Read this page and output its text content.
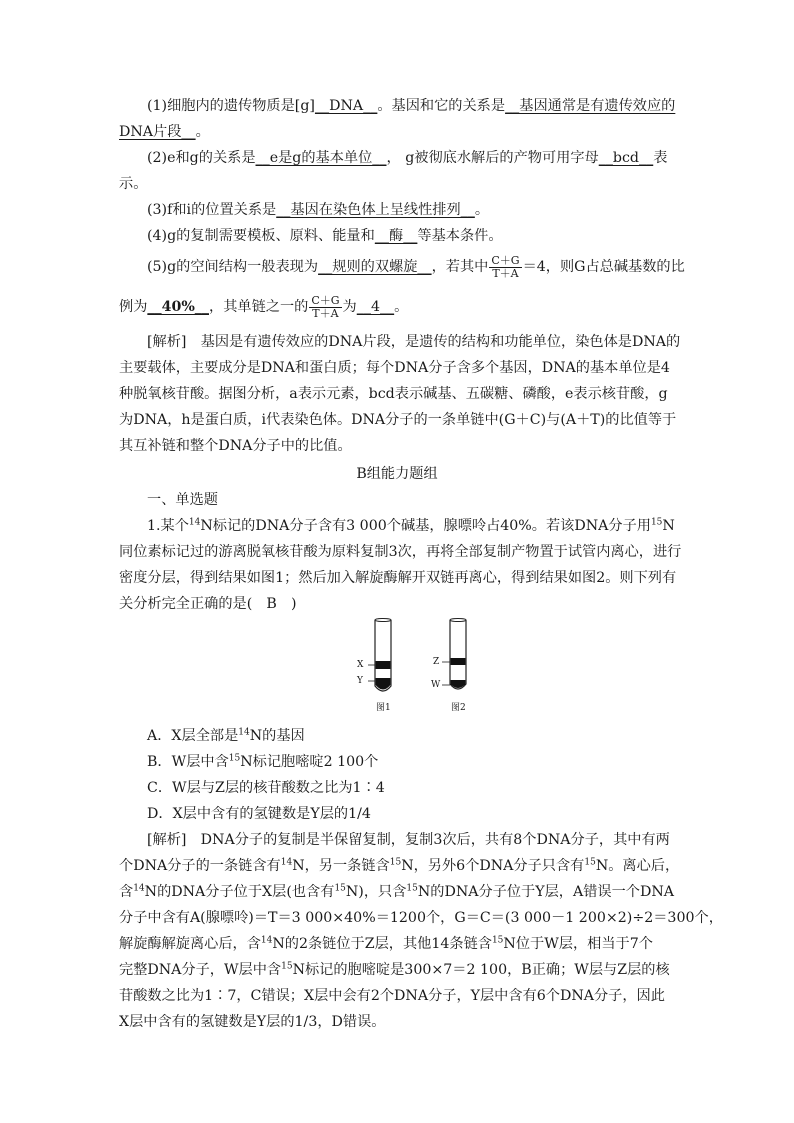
(1)细胞内的遗传物质是[g]__DNA__。基因和它的关系是__基因通常是有遗传效应的
DNA片段__。
(2)e和g的关系是__e是g的基本单位__， g被彻底水解后的产物可用字母__bcd__表
示。
(3)f和i的位置关系是__基因在染色体上呈线性排列__。
(4)g的复制需要模板、原料、能量和__酶__等基本条件。
(5)g的空间结构一般表现为__规则的双螺旋__，若其中 $\frac{C+G}{T+A} =4$，则G占总碱基数的比
例为__40%__，其单链之一的 $\frac{C+G}{T+A}$ 为__4__。
[解析]　 基因是有遗传效应的DNA片段，是遗传的结构和功能单位，染色体是DNA的
主要载体，主要成分是DNA和蛋白质；每个DNA分子含多个基因，DNA的基本单位是4
种脱氧核苷酸。据图分析，a表示元素，bcd表示碱基、五碳糖、磷酸，e表示核苷酸，g
为DNA，h是蛋白质，i代表染色体。DNA分子的一条单链中(G＋C)与(A＋T)的比值等于
其互补链和整个DNA分子中的比值。
B组能力题组
一、单选题
1.某个$^{14}$N标记的DNA分子含有3 000个碱基，腺嘌呤占40%。若该DNA分子用$^{15}$N
同位素标记过的游离脱氧核苷酸为原料复制3次，再将全部复制产物置于试管内离心，进行
密度分层，得到结果如图1；然后加入解旋酶解开双链再离心，得到结果如图2。则下列有
关分析完全正确的是(　B　)
X
Y
Z
W
图1	图2
A．X层全部是$^{14}$N的基因
B．W层中含$^{15}$N标记胞嘧啶2 100个
C．W层与Z层的核苷酸数之比为1∶4
D．X层中含有的氢键数是Y层的1/4
[解析]　 DNA分子的复制是半保留复制，复制3次后，共有8个DNA分子，其中有两
个DNA分子的一条链含有$^{14}$N，另一条链含$^{15}$N，另外6个DNA分子只含有$^{15}$N。离心后，
含$^{14}$N的DNA分子位于X层(也含有$^{15}$N)，只含$^{15}$N的DNA分子位于Y层，A错误一个DNA
分子中含有A(腺嘌呤)＝T＝3 000×40%＝1200个，G＝C＝(3 000－1 200×2)÷2＝300个，
解旋酶解旋离心后，含$^{14}$N的2条链位于Z层，其他14条链含$^{15}$N位于W层，相当于7个
完整DNA分子，W层中含$^{15}$N标记的胞嘧啶是300×7＝2 100，B正确；W层与Z层的核
苷酸数之比为1∶7，C错误；X层中会有2个DNA分子，Y层中含有6个DNA分子，因此
X层中含有的氢键数是Y层的1/3，D错误。
